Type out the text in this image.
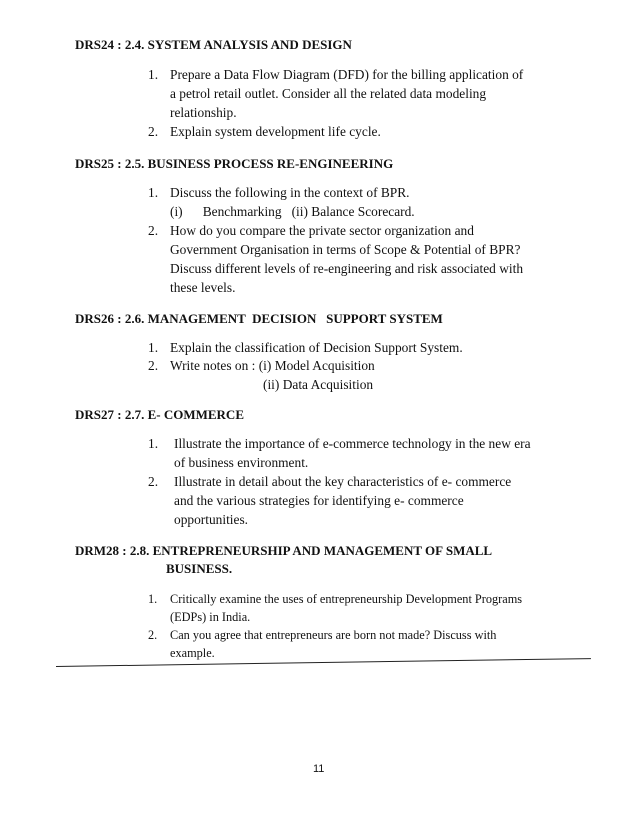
DRS24 : 2.4. SYSTEM ANALYSIS AND DESIGN
1. Prepare a Data Flow Diagram (DFD) for the billing application of
a petrol retail outlet. Consider all the related data modeling
relationship.
2. Explain system development life cycle.
DRS25 : 2.5. BUSINESS PROCESS RE-ENGINEERING
1. Discuss the following in the context of BPR.
(i)      Benchmarking   (ii) Balance Scorecard.
2. How do you compare the private sector organization and
Government Organisation in terms of Scope & Potential of BPR?
Discuss different levels of re-engineering and risk associated with
these levels.
DRS26 : 2.6. MANAGEMENT  DECISION   SUPPORT SYSTEM
1. Explain the classification of Decision Support System.
2. Write notes on : (i) Model Acquisition
(ii) Data Acquisition
DRS27 : 2.7. E- COMMERCE
1. Illustrate the importance of e-commerce technology in the new era
of business environment.
2. Illustrate in detail about the key characteristics of e- commerce
and the various strategies for identifying e- commerce
opportunities.
DRM28 : 2.8. ENTREPRENEURSHIP AND MANAGEMENT OF SMALL
BUSINESS.
1. Critically examine the uses of entrepreneurship Development Programs
(EDPs) in India.
2. Can you agree that entrepreneurs are born not made? Discuss with
example.
11
